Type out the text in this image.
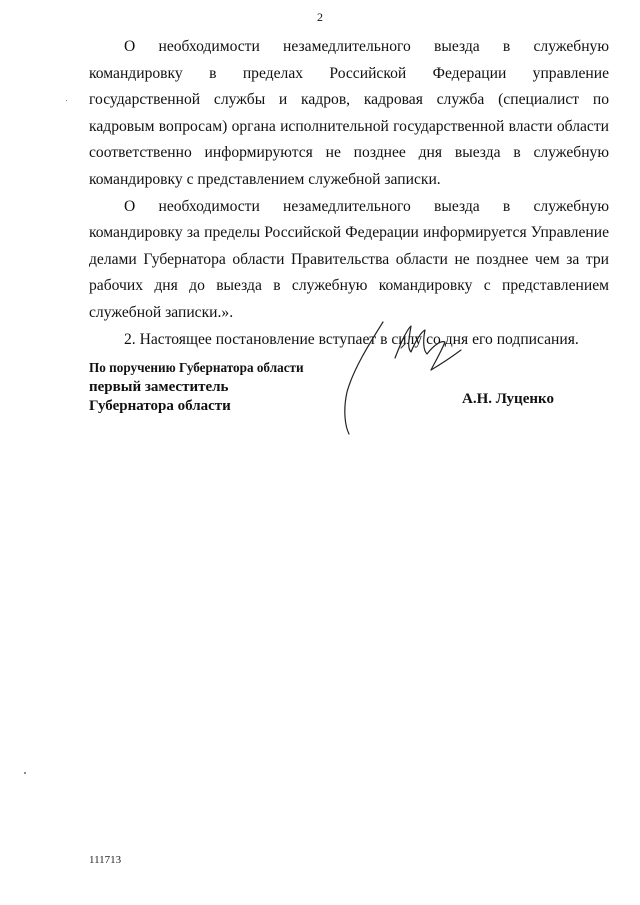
2

О необходимости незамедлительного выезда в служебную командировку в пределах Российской Федерации управление государственной службы и кадров, кадровая служба (специалист по кадровым вопросам) органа исполнительной государственной власти области соответственно информируются не позднее дня выезда в служебную командировку с представлением служебной записки.

О необходимости незамедлительного выезда в служебную командировку за пределы Российской Федерации информируется Управление делами Губернатора области Правительства области не позднее чем за три рабочих дня до выезда в служебную командировку с представлением служебной записки.».

2. Настоящее постановление вступает в силу со дня его подписания.

По поручению Губернатора области
первый заместитель
Губернатора области	А.Н. Луценко
111713
